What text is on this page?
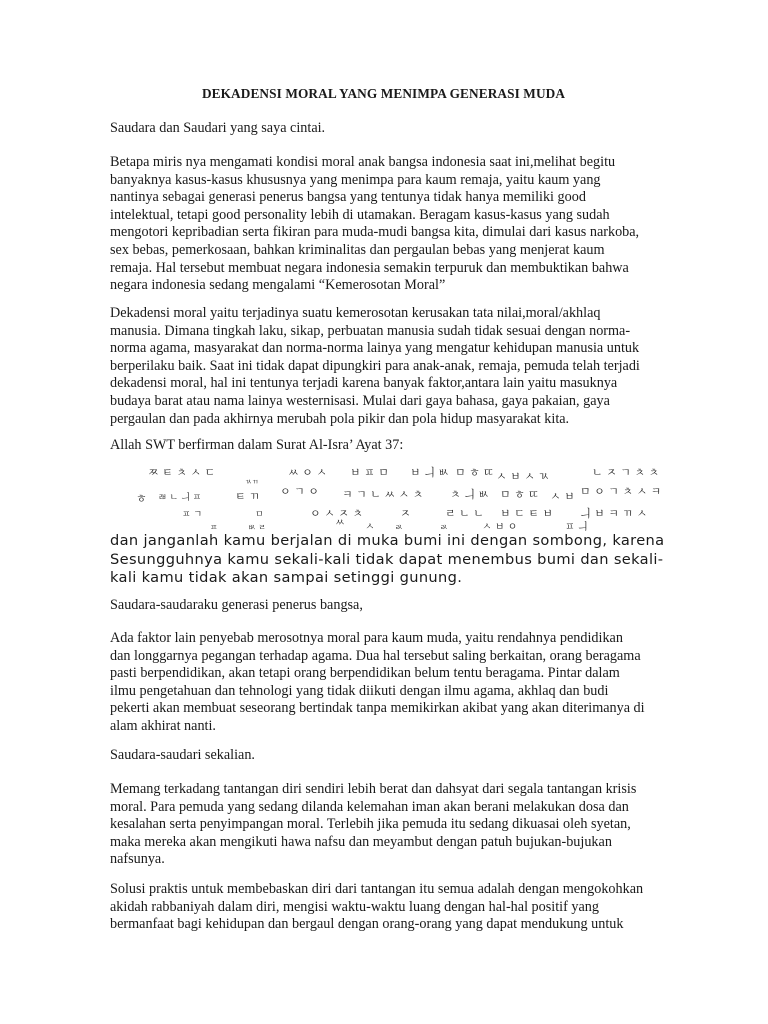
DEKADENSI MORAL YANG MENIMPA GENERASI MUDA
Saudara dan Saudari yang saya cintai.
Betapa miris nya mengamati kondisi moral anak bangsa indonesia saat ini,melihat begitu
banyaknya kasus-kasus khususnya yang menimpa para kaum remaja, yaitu kaum yang
nantinya sebagai generasi penerus bangsa yang tentunya tidak hanya memiliki good
intelektual, tetapi good personality lebih di utamakan. Beragam kasus-kasus yang sudah
mengotori kepribadian serta fikiran para muda-mudi bangsa kita, dimulai dari kasus narkoba,
sex bebas, pemerkosaan, bahkan kriminalitas dan pergaulan bebas yang menjerat kaum
remaja. Hal tersebut membuat negara indonesia semakin terpuruk dan membuktikan bahwa
negara indonesia sedang mengalami “Kemerosotan Moral”
Dekadensi moral yaitu terjadinya suatu kemerosotan kerusakan tata nilai,moral/akhlaq
manusia. Dimana tingkah laku, sikap, perbuatan manusia sudah tidak sesuai dengan norma-
norma agama, masyarakat dan norma-norma lainya yang mengatur kehidupan manusia untuk
berperilaku baik. Saat ini tidak dapat dipungkiri para anak-anak, remaja, pemuda telah terjadi
dekadensi moral, hal ini tentunya terjadi karena banyak faktor,antara lain yaitu masuknya
budaya barat atau nama lainya westernisasi. Mulai dari gaya bahasa, gaya pakaian, gaya
pergaulan dan pada akhirnya merubah pola pikir dan pola hidup masyarakat kita.
Allah SWT berfirman dalam Surat Al-Isra’ Ayat 37:
ㅉ ㅌ ㅊ ㅅ ㄷ
ㄳㄲ
ㅆ ㅇ ㅅ ㅂ ㅍ ㅁ ㅂ ㅢ ㅄ ㅁ ㅎ ㄸ ㅅ ㅂ ㅅ ㄳ	ㄴ ㅈ ㄱ ㅊ ㅊ
ㅎ ㄼ ㄴ ㅢ ㅍ	ㅌ ㄲ ㅇ ㄱ ㅇ ㅋ ㄱ ㄴ ㅆ ㅅ ㅊ ㅊ ㅢ ㅄ ㅁ ㅎ ㄸ ㅅ ㅂ ㅁ ㅇ ㄱ ㅊ ㅅ ㅋ
ㅍ ㄱ	ㅁ	ㅇ ㅅ ㅈ ㅊ	ㅈ	ㄹ ㄴ ㄴ ㅂ ㄷ ㅌ ㅂ ㅢ ㅂ ㅋ ㄲ ㅅ
ㅍ	ㅄ ㄹ	ㅆ ㅅ	ㄽ	ㄽ	ㅅ ㅂ ㅇ	ㅍ ㅢ
dan janganlah kamu berjalan di muka bumi ini dengan sombong, karena
Sesungguhnya kamu sekali-kali tidak dapat menembus bumi dan sekali-
kali kamu tidak akan sampai setinggi gunung.
Saudara-saudaraku generasi penerus bangsa,
Ada faktor lain penyebab merosotnya moral para kaum muda, yaitu rendahnya pendidikan
dan longgarnya pegangan terhadap agama. Dua hal tersebut saling berkaitan, orang beragama
pasti berpendidikan, akan tetapi orang berpendidikan belum tentu beragama. Pintar dalam
ilmu pengetahuan dan tehnologi yang tidak diikuti dengan ilmu agama, akhlaq dan budi
pekerti akan membuat seseorang bertindak tanpa memikirkan akibat yang akan diterimanya di
alam akhirat nanti.
Saudara-saudari sekalian.
Memang terkadang tantangan diri sendiri lebih berat dan dahsyat dari segala tantangan krisis
moral. Para pemuda yang sedang dilanda kelemahan iman akan berani melakukan dosa dan
kesalahan serta penyimpangan moral. Terlebih jika pemuda itu sedang dikuasai oleh syetan,
maka mereka akan mengikuti hawa nafsu dan meyambut dengan patuh bujukan-bujukan
nafsunya.
Solusi praktis untuk membebaskan diri dari tantangan itu semua adalah dengan mengokohkan
akidah rabbaniyah dalam diri, mengisi waktu-waktu luang dengan hal-hal positif yang
bermanfaat bagi kehidupan dan bergaul dengan orang-orang yang dapat mendukung untuk
